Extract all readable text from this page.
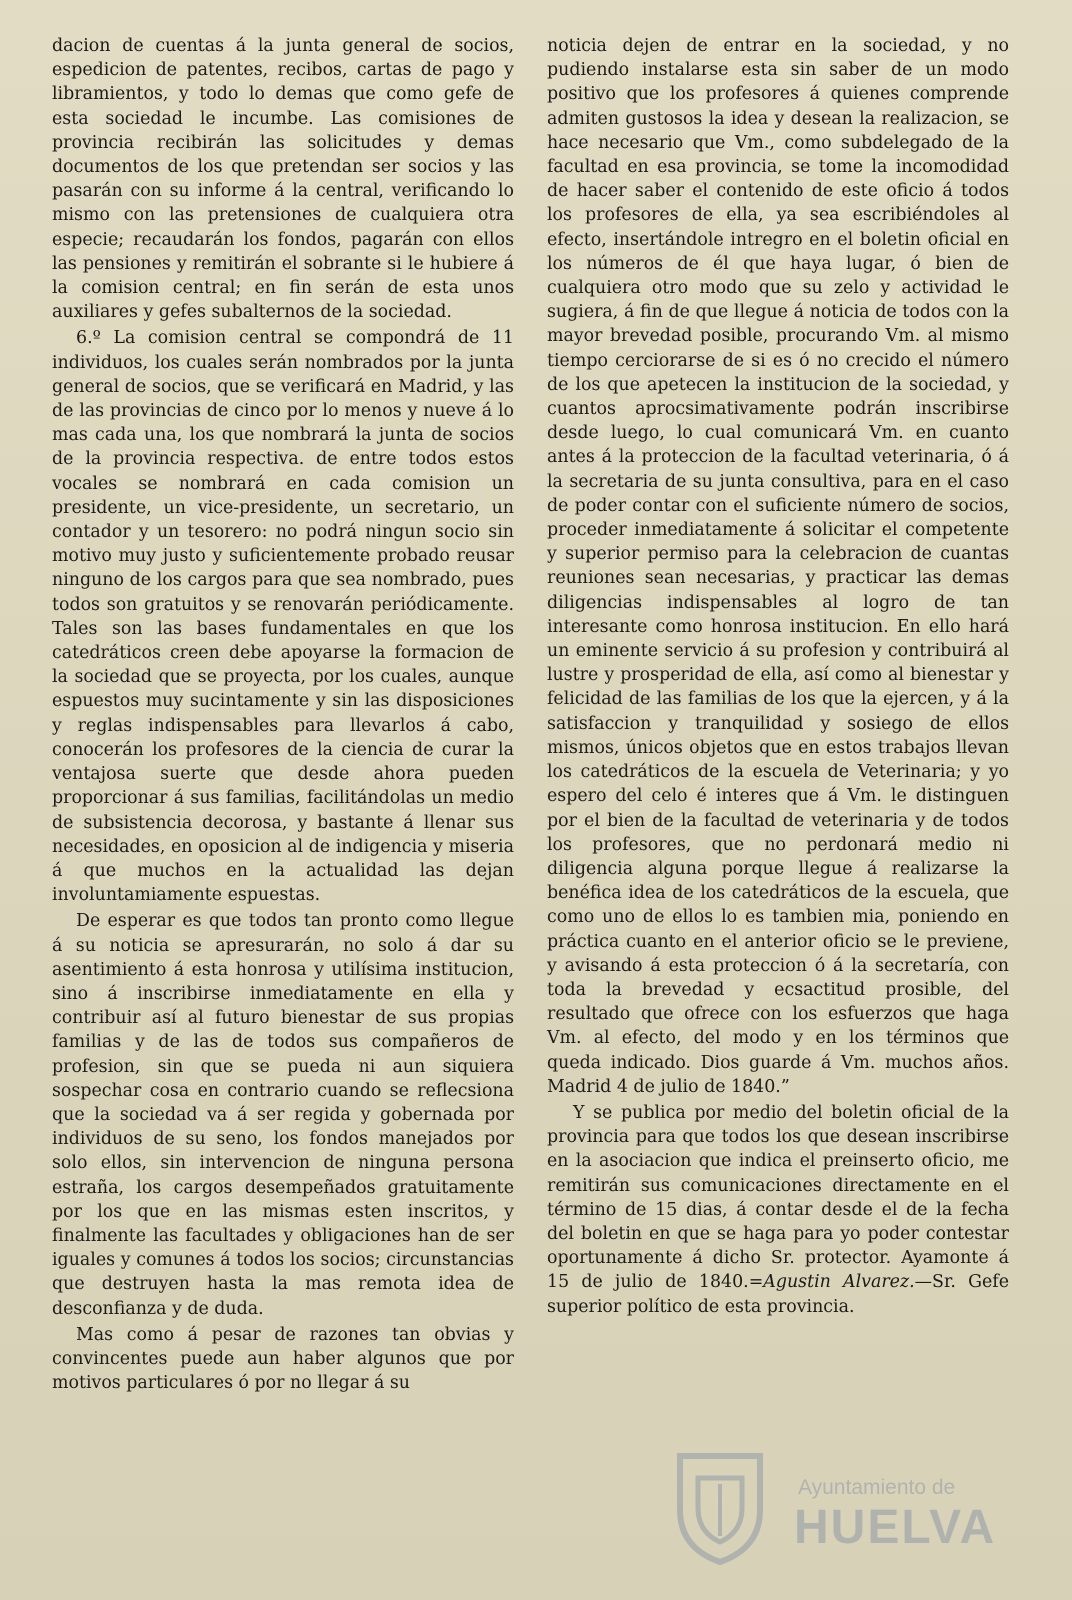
dacion de cuentas á la junta general de socios, espedicion de patentes, recibos, cartas de pago y libramientos, y todo lo demas que como gefe de esta sociedad le incumbe. Las comisiones de provincia recibirán las solicitudes y demas documentos de los que pretendan ser socios y las pasarán con su informe á la central, verificando lo mismo con las pretensiones de cualquiera otra especie; recaudarán los fondos, pagarán con ellos las pensiones y remitirán el sobrante si le hubiere á la comision central; en fin serán de esta unos auxiliares y gefes subalternos de la sociedad.

6.º La comision central se compondrá de 11 individuos, los cuales serán nombrados por la junta general de socios, que se verificará en Madrid, y las de las provincias de cinco por lo menos y nueve á lo mas cada una, los que nombrará la junta de socios de la provincia respectiva. de entre todos estos vocales se nombrará en cada comision un presidente, un vice-presidente, un secretario, un contador y un tesorero: no podrá ningun socio sin motivo muy justo y suficientemente probado reusar ninguno de los cargos para que sea nombrado, pues todos son gratuitos y se renovarán periódicamente. Tales son las bases fundamentales en que los catedráticos creen debe apoyarse la formacion de la sociedad que se proyecta, por los cuales, aunque espuestos muy sucintamente y sin las disposiciones y reglas indispensables para llevarlos á cabo, conocerán los profesores de la ciencia de curar la ventajosa suerte que desde ahora pueden proporcionar á sus familias, facilitándolas un medio de subsistencia decorosa, y bastante á llenar sus necesidades, en oposicion al de indigencia y miseria á que muchos en la actualidad las dejan involuntamiamente espuestas.

De esperar es que todos tan pronto como llegue á su noticia se apresurarán, no solo á dar su asentimiento á esta honrosa y utilísima institucion, sino á inscribirse inmediatamente en ella y contribuir así al futuro bienestar de sus propias familias y de las de todos sus compañeros de profesion, sin que se pueda ni aun siquiera sospechar cosa en contrario cuando se reflecsiona que la sociedad va á ser regida y gobernada por individuos de su seno, los fondos manejados por solo ellos, sin intervencion de ninguna persona estraña, los cargos desempeñados gratuitamente por los que en las mismas esten inscritos, y finalmente las facultades y obligaciones han de ser iguales y comunes á todos los socios; circunstancias que destruyen hasta la mas remota idea de desconfianza y de duda.

Mas como á pesar de razones tan obvias y convincentes puede aun haber algunos que por motivos particulares ó por no llegar á su

noticia dejen de entrar en la sociedad, y no pudiendo instalarse esta sin saber de un modo positivo que los profesores á quienes comprende admiten gustosos la idea y desean la realizacion, se hace necesario que Vm., como subdelegado de la facultad en esa provincia, se tome la incomodidad de hacer saber el contenido de este oficio á todos los profesores de ella, ya sea escribiéndoles al efecto, insertándole intregro en el boletin oficial en los números de él que haya lugar, ó bien de cualquiera otro modo que su zelo y actividad le sugiera, á fin de que llegue á noticia de todos con la mayor brevedad posible, procurando Vm. al mismo tiempo cerciorarse de si es ó no crecido el número de los que apetecen la institucion de la sociedad, y cuantos aprocsimativamente podrán inscribirse desde luego, lo cual comunicará Vm. en cuanto antes á la proteccion de la facultad veterinaria, ó á la secretaria de su junta consultiva, para en el caso de poder contar con el suficiente número de socios, proceder inmediatamente á solicitar el competente y superior permiso para la celebracion de cuantas reuniones sean necesarias, y practicar las demas diligencias indispensables al logro de tan interesante como honrosa institucion. En ello hará un eminente servicio á su profesion y contribuirá al lustre y prosperidad de ella, así como al bienestar y felicidad de las familias de los que la ejercen, y á la satisfaccion y tranquilidad y sosiego de ellos mismos, únicos objetos que en estos trabajos llevan los catedráticos de la escuela de Veterinaria; y yo espero del celo é interes que á Vm. le distinguen por el bien de la facultad de veterinaria y de todos los profesores, que no perdonará medio ni diligencia alguna porque llegue á realizarse la benéfica idea de los catedráticos de la escuela, que como uno de ellos lo es tambien mia, poniendo en práctica cuanto en el anterior oficio se le previene, y avisando á esta proteccion ó á la secretaría, con toda la brevedad y ecsactitud prosible, del resultado que ofrece con los esfuerzos que haga Vm. al efecto, del modo y en los términos que queda indicado. Dios guarde á Vm. muchos años. Madrid 4 de julio de 1840.”

Y se publica por medio del boletin oficial de la provincia para que todos los que desean inscribirse en la asociacion que indica el preinserto oficio, me remitirán sus comunicaciones directamente en el término de 15 dias, á contar desde el de la fecha del boletin en que se haga para yo poder contestar oportunamente á dicho Sr. protector. Ayamonte á 15 de julio de 1840.=Agustin Alvarez.—Sr. Gefe superior político de esta provincia.

Ayuntamiento de
HUELVA
